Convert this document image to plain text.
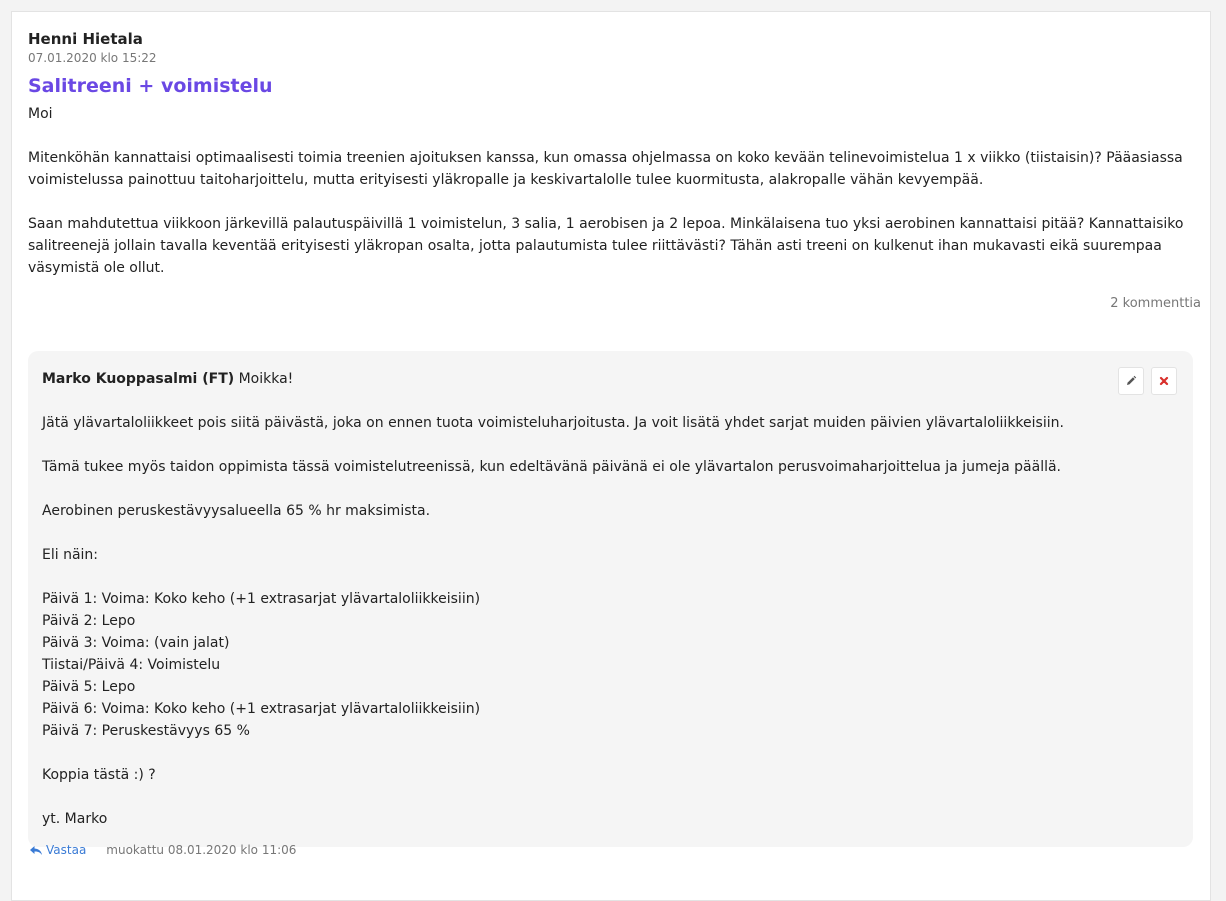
Henni Hietala
07.01.2020 klo 15:22
Salitreeni + voimistelu

Moi

Mitenköhän kannattaisi optimaalisesti toimia treenien ajoituksen kanssa, kun omassa ohjelmassa on koko kevään telinevoimistelua 1 x viikko (tiistaisin)? Pääasiassa voimistelussa painottuu taitoharjoittelu, mutta erityisesti yläkropalle ja keskivartalolle tulee kuormitusta, alakropalle vähän kevyempää.

Saan mahdutettua viikkoon järkevillä palautuspäivillä 1 voimistelun, 3 salia, 1 aerobisen ja 2 lepoa. Minkälaisena tuo yksi aerobinen kannattaisi pitää? Kannattaisiko salitreenejä jollain tavalla keventää erityisesti yläkropan osalta, jotta palautumista tulee riittävästi? Tähän asti treeni on kulkenut ihan mukavasti eikä suurempaa väsymistä ole ollut.

2 kommenttia

Marko Kuoppasalmi (FT) Moikka!

Jätä ylävartaloliikkeet pois siitä päivästä, joka on ennen tuota voimisteluharjoitusta. Ja voit lisätä yhdet sarjat muiden päivien ylävartaloliikkeisiin.

Tämä tukee myös taidon oppimista tässä voimistelutreenissä, kun edeltävänä päivänä ei ole ylävartalon perusvoimaharjoittelua ja jumeja päällä.

Aerobinen peruskestävyysalueella 65 % hr maksimista.

Eli näin:

Päivä 1: Voima: Koko keho (+1 extrasarjat ylävartaloliikkeisiin)
Päivä 2: Lepo
Päivä 3: Voima: (vain jalat)
Tiistai/Päivä 4: Voimistelu
Päivä 5: Lepo
Päivä 6: Voima: Koko keho (+1 extrasarjat ylävartaloliikkeisiin)
Päivä 7: Peruskestävyys 65 %

Koppia tästä :) ?

yt. Marko

Vastaa muokattu 08.01.2020 klo 11:06
